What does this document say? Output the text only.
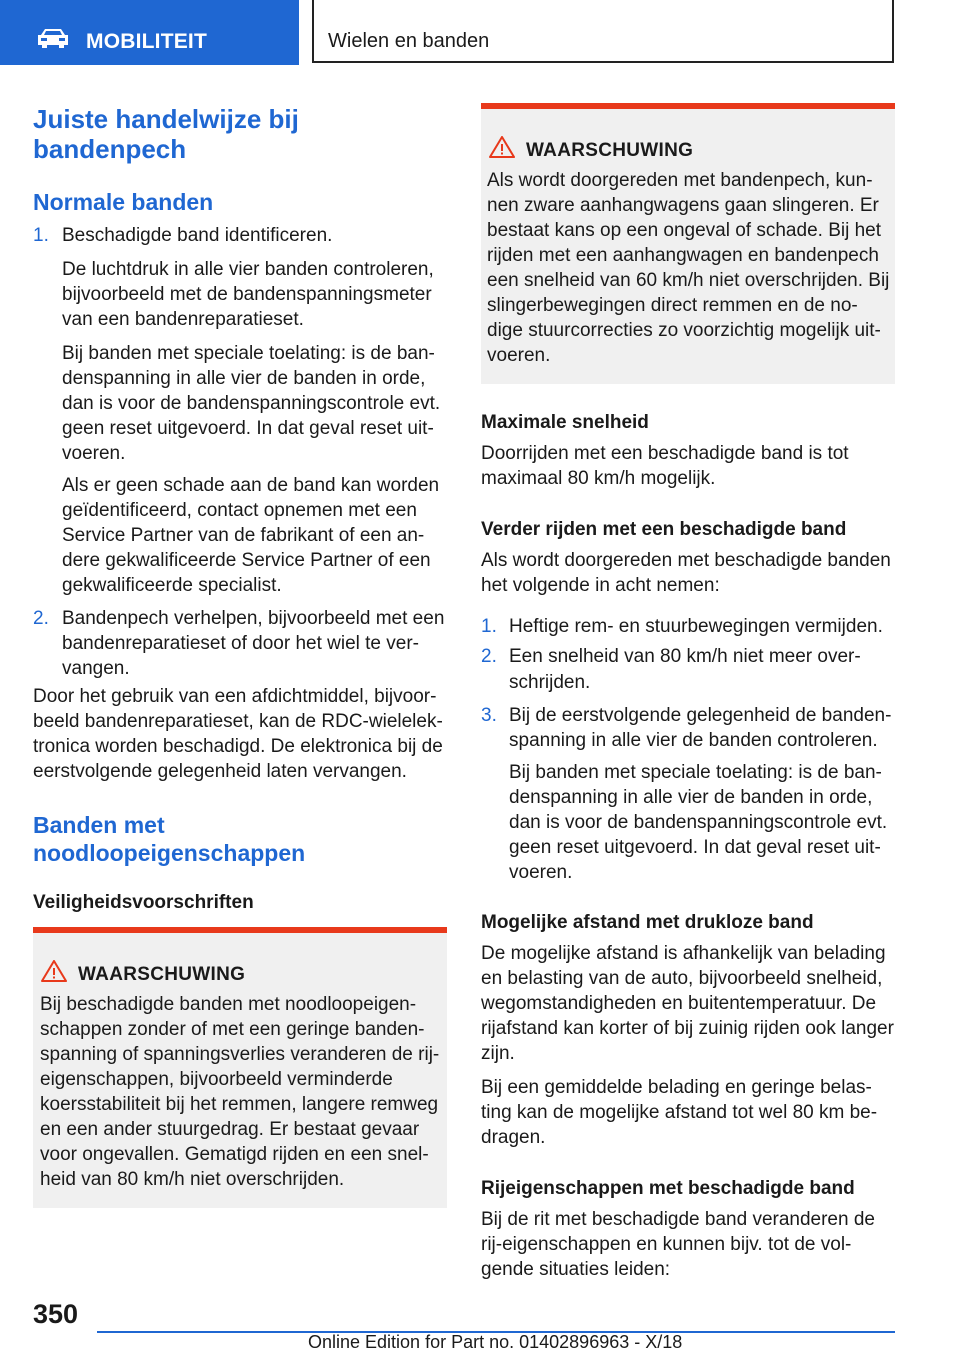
MOBILITEIT	Wielen en banden
Juiste handelwijze bij
bandenpech
Normale banden
1. Beschadigde band identificeren.
De luchtdruk in alle vier banden controleren,
bijvoorbeeld met de bandenspanningsmeter
van een bandenreparatieset.
Bij banden met speciale toelating: is de ban-
denspanning in alle vier de banden in orde,
dan is voor de bandenspanningscontrole evt.
geen reset uitgevoerd. In dat geval reset uit-
voeren.
Als er geen schade aan de band kan worden
geïdentificeerd, contact opnemen met een
Service Partner van de fabrikant of een an-
dere gekwalificeerde Service Partner of een
gekwalificeerde specialist.
2. Bandenpech verhelpen, bijvoorbeeld met een
bandenreparatieset of door het wiel te ver-
vangen.
Door het gebruik van een afdichtmiddel, bijvoor-
beeld bandenreparatieset, kan de RDC-wielelek-
tronica worden beschadigd. De elektronica bij de
eerstvolgende gelegenheid laten vervangen.
Banden met
noodloopeigenschappen
Veiligheidsvoorschriften
WAARSCHUWING
Bij beschadigde banden met noodloopeigen-
schappen zonder of met een geringe banden-
spanning of spanningsverlies veranderen de rij-
eigenschappen, bijvoorbeeld verminderde
koersstabiliteit bij het remmen, langere remweg
en een ander stuurgedrag. Er bestaat gevaar
voor ongevallen. Gematigd rijden en een snel-
heid van 80 km/h niet overschrijden.
WAARSCHUWING
Als wordt doorgereden met bandenpech, kun-
nen zware aanhangwagens gaan slingeren. Er
bestaat kans op een ongeval of schade. Bij het
rijden met een aanhangwagen en bandenpech
een snelheid van 60 km/h niet overschrijden. Bij
slingerbewegingen direct remmen en de no-
dige stuurcorrecties zo voorzichtig mogelijk uit-
voeren.
Maximale snelheid
Doorrijden met een beschadigde band is tot
maximaal 80 km/h mogelijk.
Verder rijden met een beschadigde band
Als wordt doorgereden met beschadigde banden
het volgende in acht nemen:
1. Heftige rem- en stuurbewegingen vermijden.
2. Een snelheid van 80 km/h niet meer over-
schrijden.
3. Bij de eerstvolgende gelegenheid de banden-
spanning in alle vier de banden controleren.
Bij banden met speciale toelating: is de ban-
denspanning in alle vier de banden in orde,
dan is voor de bandenspanningscontrole evt.
geen reset uitgevoerd. In dat geval reset uit-
voeren.
Mogelijke afstand met drukloze band
De mogelijke afstand is afhankelijk van belading
en belasting van de auto, bijvoorbeeld snelheid,
wegomstandigheden en buitentemperatuur. De
rijafstand kan korter of bij zuinig rijden ook langer
zijn.
Bij een gemiddelde belading en geringe belas-
ting kan de mogelijke afstand tot wel 80 km be-
dragen.
Rijeigenschappen met beschadigde band
Bij de rit met beschadigde band veranderen de
rij-eigenschappen en kunnen bijv. tot de vol-
gende situaties leiden:
350
Online Edition for Part no. 01402896963 - X/18
